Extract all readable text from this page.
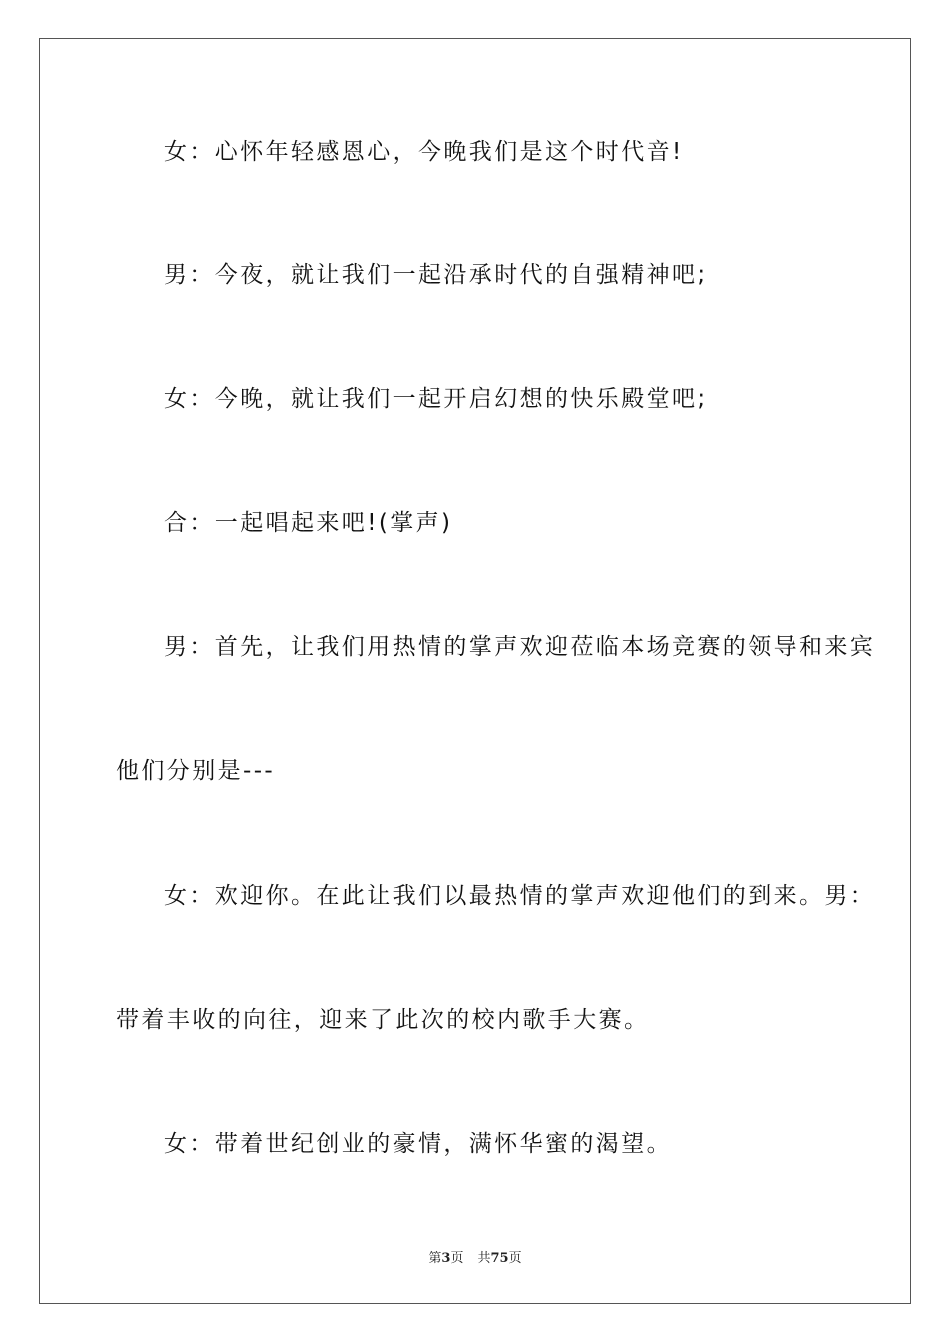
女：心怀年轻感恩心，今晚我们是这个时代音!
男：今夜，就让我们一起沿承时代的自强精神吧;
女：今晚，就让我们一起开启幻想的快乐殿堂吧;
合：一起唱起来吧!(掌声)
男：首先，让我们用热情的掌声欢迎莅临本场竞赛的领导和来宾
他们分别是---
女：欢迎你。在此让我们以最热情的掌声欢迎他们的到来。男：
带着丰收的向往，迎来了此次的校内歌手大赛。
女：带着世纪创业的豪情，满怀华蜜的渴望。
第3页 共75页
